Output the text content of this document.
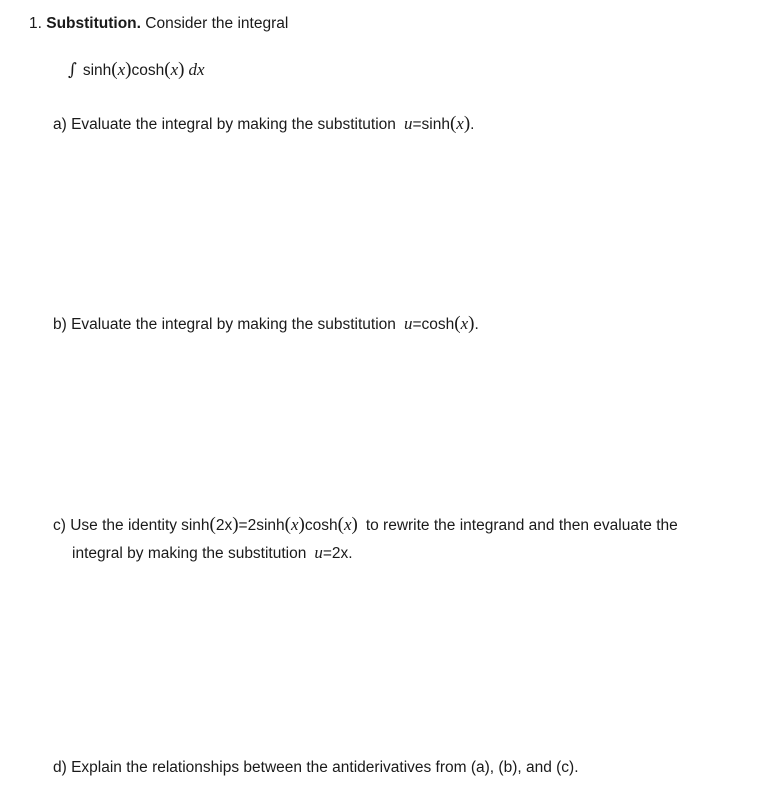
1. Substitution. Consider the integral
∫ sinh(x)cosh(x) dx
a) Evaluate the integral by making the substitution u=sinh(x).
b) Evaluate the integral by making the substitution u=cosh(x).
c) Use the identity sinh(2x)=2sinh(x)cosh(x) to rewrite the integrand and then evaluate the
integral by making the substitution u=2x.
d) Explain the relationships between the antiderivatives from (a), (b), and (c).
